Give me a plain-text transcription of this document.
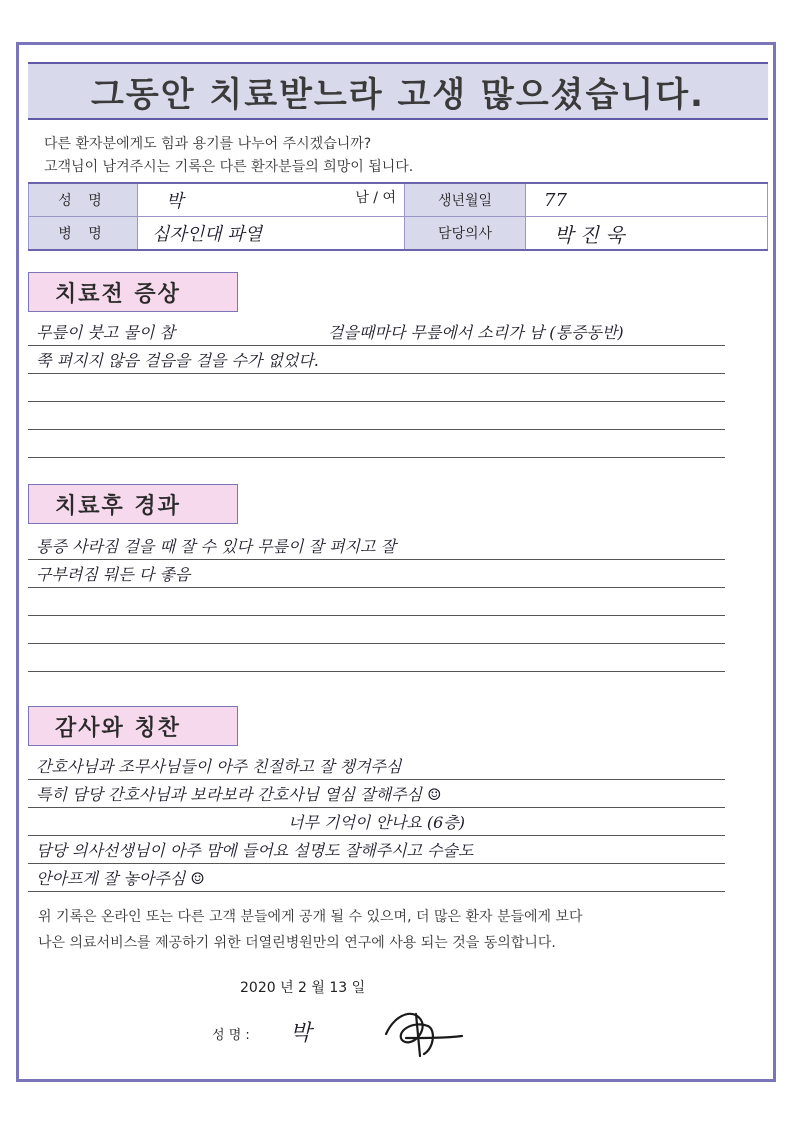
그동안 치료받느라 고생 많으셨습니다.
다른 환자분에게도 힘과 용기를 나누어 주시겠습니까?
고객님이 남겨주시는 기록은 다른 환자분들의 희망이 됩니다.
성 명	박 남 / 여	생년월일	77
병 명	십자인대 파열	담당의사	박 진 욱
치료전 증상
무릎이 붓고 물이 참	걸을때마다 무릎에서 소리가 남 (통증동반)
쭉 펴지지 않음 걸음을 걸을 수가 없었다.
치료후 경과
통증 사라짐 걸을 때 잘 수 있다 무릎이 잘 펴지고 잘
구부려짐 뭐든 다 좋음
감사와 칭찬
간호사님과 조무사님들이 아주 친절하고 잘 챙겨주심
특히 담당 간호사님과 보라보라 간호사님 열심 잘해주심 ☺
너무 기억이 안나요 (6층)
담당 의사선생님이 아주 맘에 들어요 설명도 잘해주시고 수술도
안아프게 잘 놓아주심 ☺
위 기록은 온라인 또는 다른 고객 분들에게 공개 될 수 있으며, 더 많은 환자 분들에게 보다
나은 의료서비스를 제공하기 위한 더열린병원만의 연구에 사용 되는 것을 동의합니다.
2020 년 2 월 13 일
성 명 : 박
